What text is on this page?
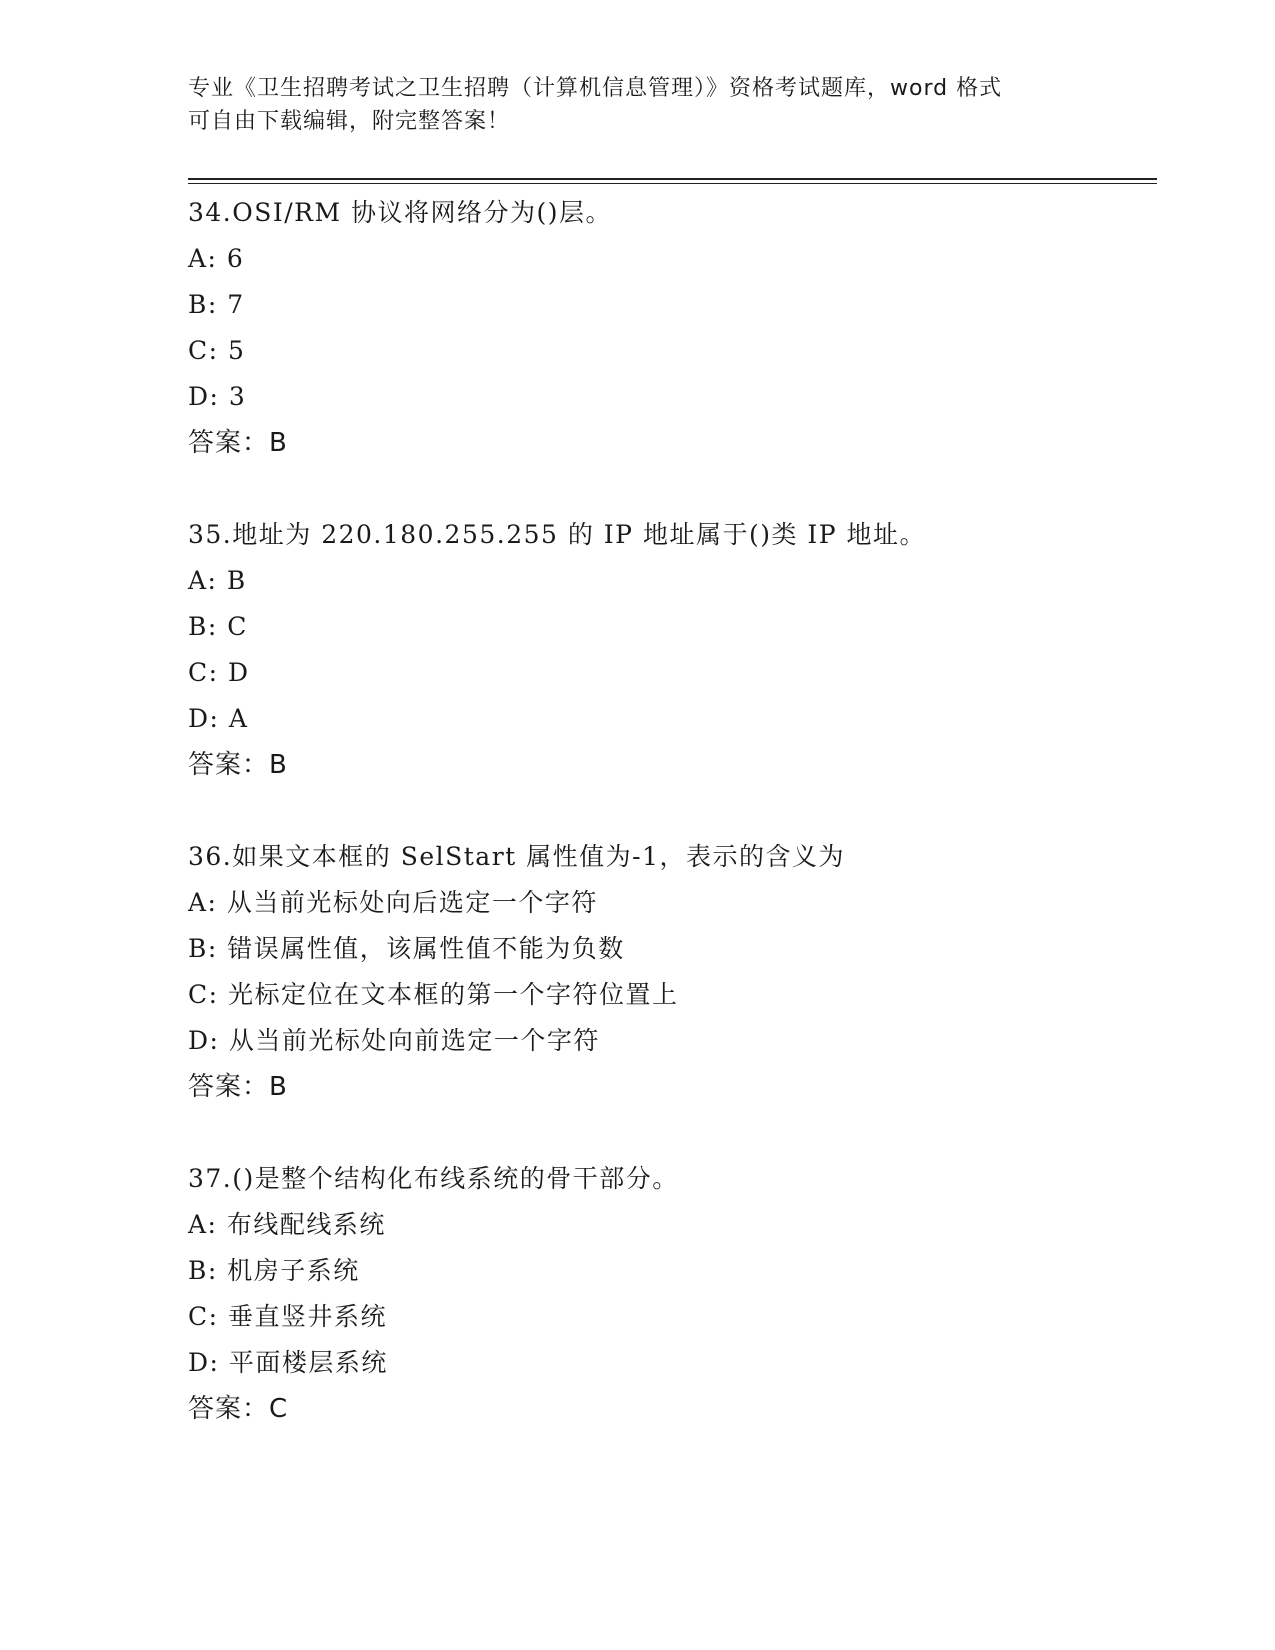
专业《卫生招聘考试之卫生招聘（计算机信息管理）》资格考试题库，word 格式
可自由下载编辑，附完整答案！
34.OSI/RM 协议将网络分为()层。
A: 6
B: 7
C: 5
D: 3
答案：B
35.地址为 220.180.255.255 的 IP 地址属于()类 IP 地址。
A: B
B: C
C: D
D: A
答案：B
36.如果文本框的 SelStart 属性值为-1，表示的含义为
A: 从当前光标处向后选定一个字符
B: 错误属性值，该属性值不能为负数
C: 光标定位在文本框的第一个字符位置上
D: 从当前光标处向前选定一个字符
答案：B
37.()是整个结构化布线系统的骨干部分。
A: 布线配线系统
B: 机房子系统
C: 垂直竖井系统
D: 平面楼层系统
答案：C
